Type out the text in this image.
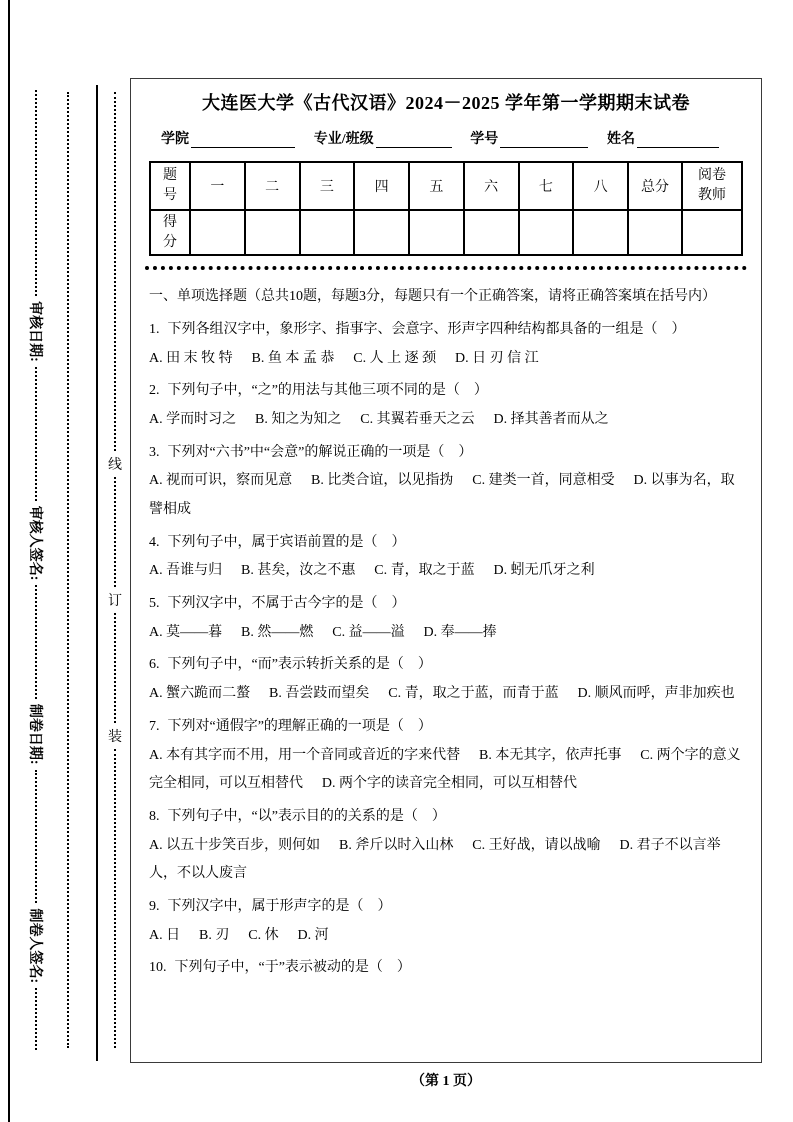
审核日期:
审核人签名:
制卷日期:
制卷人签名:
线
订
装
大连医大学《古代汉语》2024－2025 学年第一学期期末试卷
学院	专业/班级	学号	姓名
题号	一	二	三	四	五	六	七	八	总分	阅卷教师

得分										

一、单项选择题（总共10题，每题3分，每题只有一个正确答案，请将正确答案填在括号内）

1. 下列各组汉字中，象形字、指事字、会意字、形声字四种结构都具备的一组是（　）

A. 田 末 牧 特 B. 鱼 本 孟 恭 C. 人 上 逐 颈 D. 日 刃 信 江

2. 下列句子中，“之”的用法与其他三项不同的是（　）

A. 学而时习之 B. 知之为知之 C. 其翼若垂天之云 D. 择其善者而从之

3. 下列对“六书”中“会意”的解说正确的一项是（　）

A. 视而可识，察而见意 B. 比类合谊，以见指㧑 C. 建类一首，同意相受 D. 以事为名，取譬相成

4. 下列句子中，属于宾语前置的是（　）

A. 吾谁与归 B. 甚矣，汝之不惠 C. 青，取之于蓝 D. 蚓无爪牙之利

5. 下列汉字中，不属于古今字的是（　）

A. 莫——暮 B. 然——燃 C. 益——溢 D. 奉——捧

6. 下列句子中，“而”表示转折关系的是（　）

A. 蟹六跪而二螯 B. 吾尝跂而望矣 C. 青，取之于蓝，而青于蓝 D. 顺风而呼，声非加疾也

7. 下列对“通假字”的理解正确的一项是（　）

A. 本有其字而不用，用一个音同或音近的字来代替 B. 本无其字，依声托事 C. 两个字的意义完全相同，可以互相替代 D. 两个字的读音完全相同，可以互相替代

8. 下列句子中，“以”表示目的的关系的是（　）

A. 以五十步笑百步，则何如 B. 斧斤以时入山林 C. 王好战，请以战喻 D. 君子不以言举人，不以人废言

9. 下列汉字中，属于形声字的是（　）

A. 日 B. 刃 C. 休 D. 河

10. 下列句子中，“于”表示被动的是（　）

（第 1 页）
